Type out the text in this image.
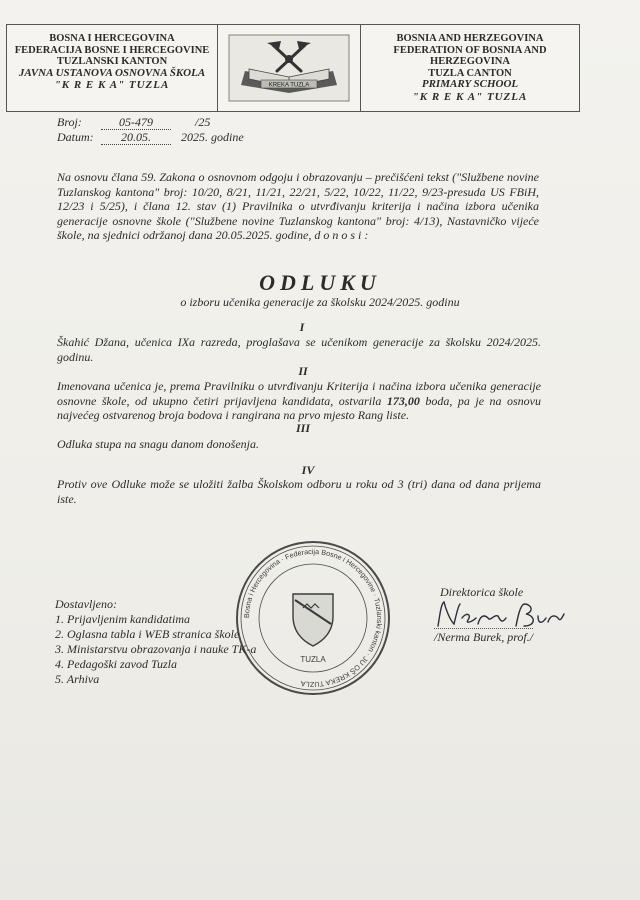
BOSNA I HERCEGOVINA
FEDERACIJA BOSNE I HERCEGOVINE
TUZLANSKI KANTON
JAVNA USTANOVA OSNOVNA ŠKOLA
"K R E K A" TUZLA	KREKA TUZLA
BOSNIA AND HERZEGOVINA
FEDERATION OF BOSNIA AND HERZEGOVINA
TUZLA CANTON
PRIMARY SCHOOL
"K R E K A" TUZLA
Broj:	05-479	/25
Datum:	20.05.	2025. godine
Na osnovu člana 59. Zakona o osnovnom odgoju i obrazovanju – prečišćeni tekst ("Službene novine Tuzlanskog kantona" broj: 10/20, 8/21, 11/21, 22/21, 5/22, 10/22, 11/22, 9/23-presuda US FBiH, 12/23 i 5/25), i člana 12. stav (1) Pravilnika o utvrđivanju kriterija i načina izbora učenika generacije osnovne škole ("Službene novine Tuzlanskog kantona" broj: 4/13), Nastavničko vijeće škole, na sjednici održanoj dana 20.05.2025. godine, d o n o s i :
ODLUKU
o izboru učenika generacije za školsku 2024/2025. godinu
I
Škahić Džana, učenica IXa razreda, proglašava se učenikom generacije za školsku 2024/2025. godinu.
II
Imenovana učenica je, prema Pravilniku o utvrđivanju Kriterija i načina izbora učenika generacije osnovne škole, od ukupno četiri prijavljena kandidata, ostvarila 173,00 boda, pa je na osnovu najvećeg ostvarenog broja bodova i rangirana na prvo mjesto Rang liste.
III
Odluka stupa na snagu danom donošenja.
IV
Protiv ove Odluke može se uložiti žalba Školskom odboru u roku od 3 (tri) dana od dana prijema iste.
Bosna i Hercegovina · Federacija Bosne i Hercegovine · Tuzlanski kanton · JU OŠ KREKA TUZLA
TUZLA
Dostavljeno:
1. Prijavljenim kandidatima
2. Oglasna tabla i WEB stranica škole
3. Ministarstvu obrazovanja i nauke TK-a
4. Pedagoški zavod Tuzla
5. Arhiva
Direktorica škole
/Nerma Burek, prof./
